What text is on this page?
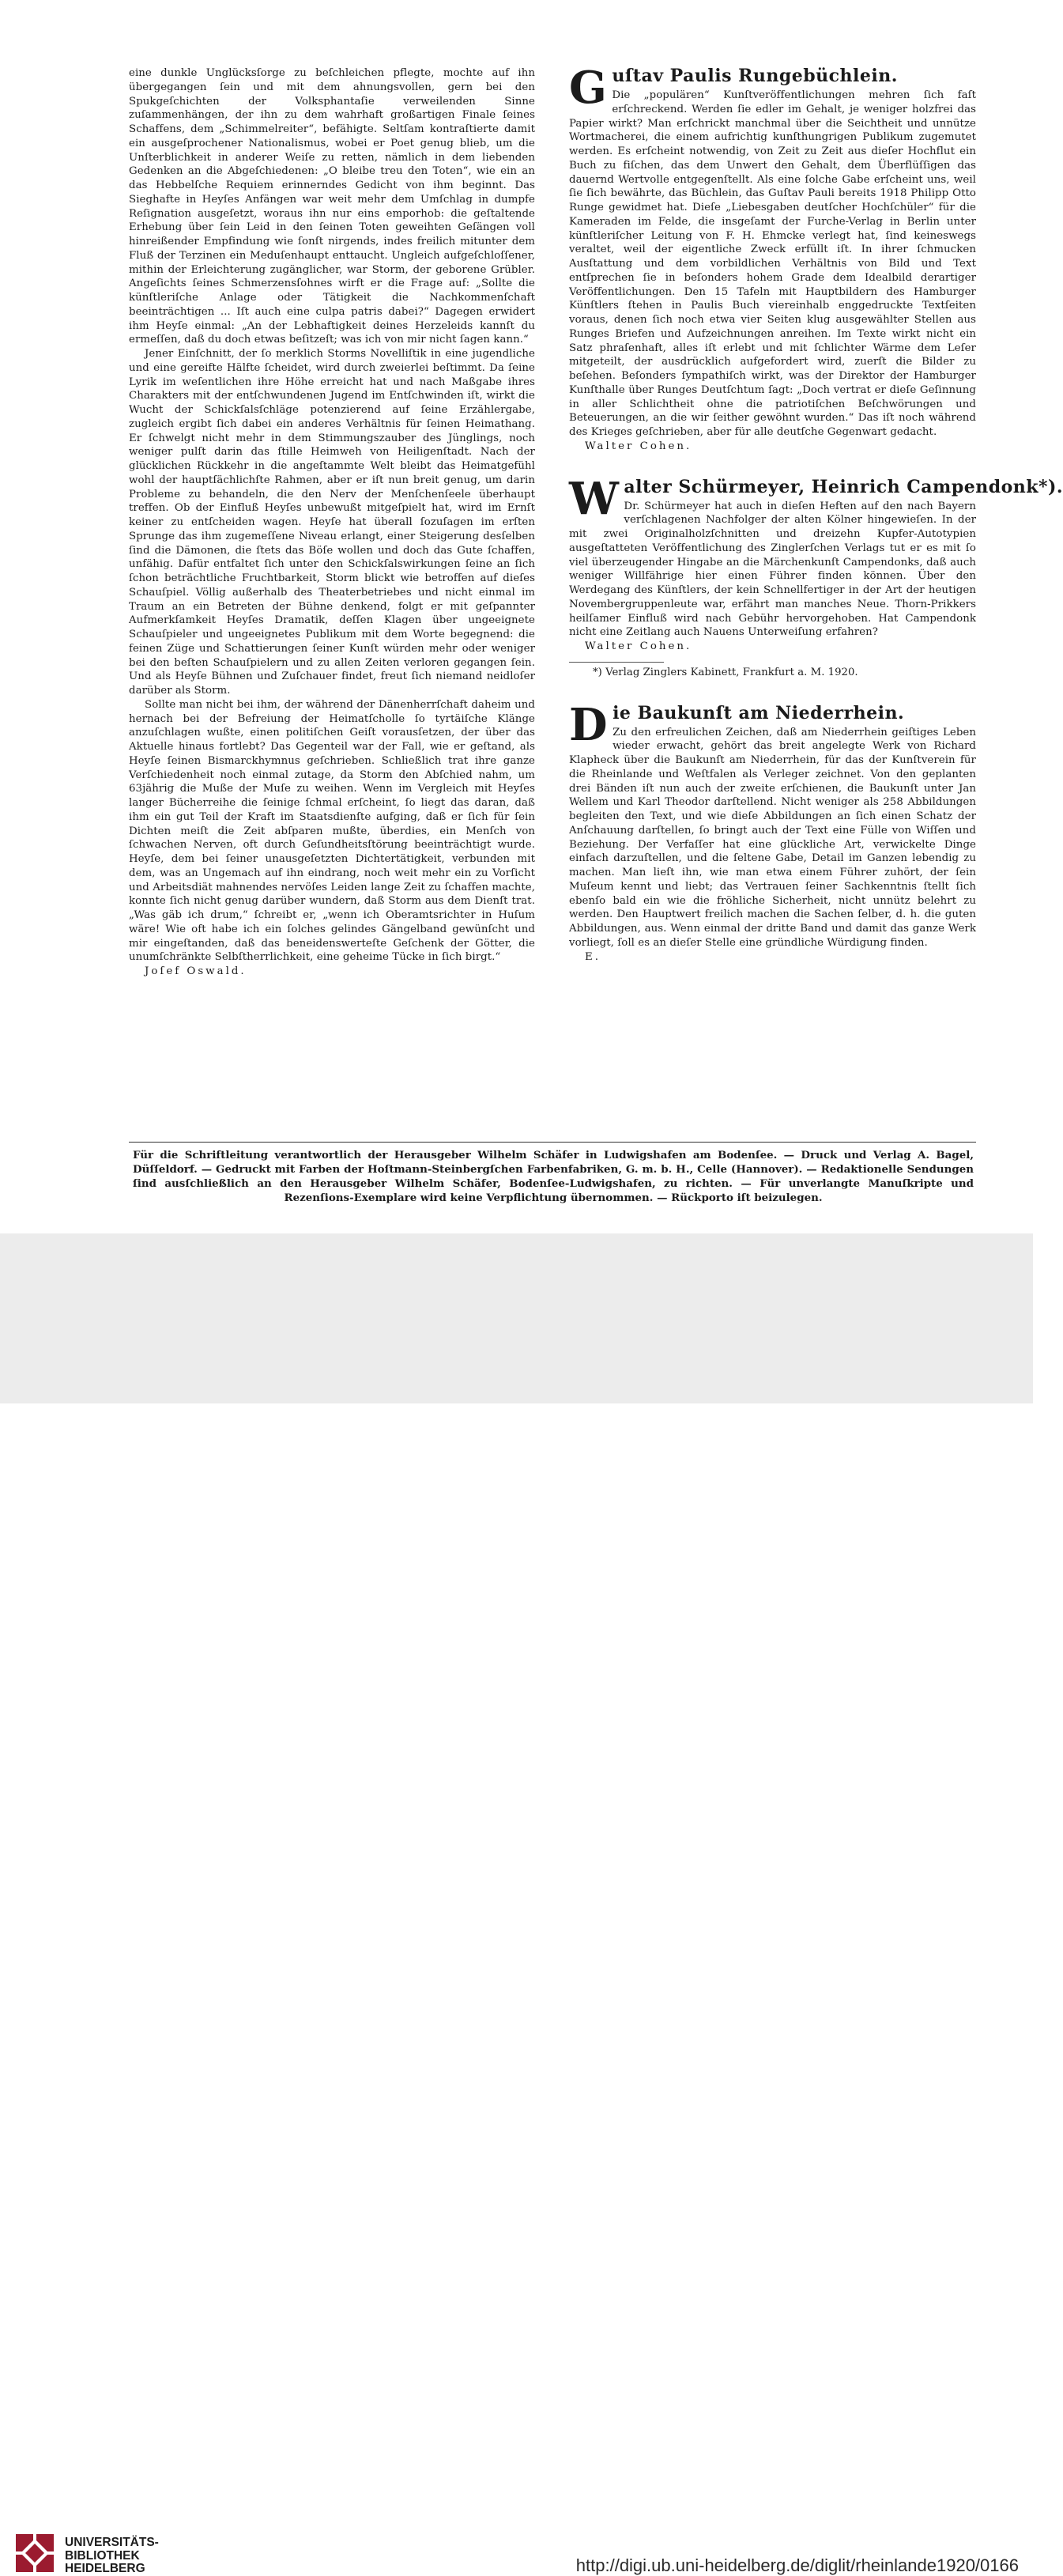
eine dunkle Unglücksſorge zu beſchleichen pflegte, mochte auf ihn übergegangen ſein und mit dem ahnungsvollen, gern bei den Spukgeſchichten der Volksphantaſie verweilenden Sinne zuſammenhängen, der ihn zu dem wahrhaft großartigen Finale ſeines Schaffens, dem „Schimmelreiter“, befähigte. Seltſam kontraſtierte damit ein ausgeſprochener Nationalismus, wobei er Poet genug blieb, um die Unſterblichkeit in anderer Weiſe zu retten, nämlich in dem liebenden Gedenken an die Abgeſchiedenen: „O bleibe treu den Toten“, wie ein an das Hebbelſche Requiem erinnerndes Gedicht von ihm beginnt. Das Sieghafte in Heyſes Anfängen war weit mehr dem Umſchlag in dumpfe Reſignation ausgeſetzt, woraus ihn nur eins emporhob: die geſtaltende Erhebung über ſein Leid in den ſeinen Toten geweihten Geſängen voll hinreißender Empfindung wie ſonſt nirgends, indes freilich mitunter dem Fluß der Terzinen ein Meduſenhaupt enttaucht. Ungleich aufgeſchloſſener, mithin der Erleichterung zugänglicher, war Storm, der geborene Grübler. Angeſichts ſeines Schmerzensſohnes wirft er die Frage auf: „Sollte die künſtleriſche Anlage oder Tätigkeit die Nachkommenſchaft beeinträchtigen ... Iſt auch eine culpa patris dabei?“ Dagegen erwidert ihm Heyſe einmal: „An der Lebhaftigkeit deines Herzeleids kannſt du ermeſſen, daß du doch etwas beſitzeſt; was ich von mir nicht ſagen kann.“

Jener Einſchnitt, der ſo merklich Storms Novelliſtik in eine jugendliche und eine gereifte Hälfte ſcheidet, wird durch zweierlei beſtimmt. Da ſeine Lyrik im weſentlichen ihre Höhe erreicht hat und nach Maßgabe ihres Charakters mit der entſchwundenen Jugend im Entſchwinden iſt, wirkt die Wucht der Schickſalsſchläge potenzierend auf ſeine Erzählergabe, zugleich ergibt ſich dabei ein anderes Verhältnis für ſeinen Heimathang. Er ſchwelgt nicht mehr in dem Stimmungszauber des Jünglings, noch weniger pulſt darin das ſtille Heimweh von Heiligenſtadt. Nach der glücklichen Rückkehr in die angeſtammte Welt bleibt das Heimatgefühl wohl der hauptſächlichſte Rahmen, aber er iſt nun breit genug, um darin Probleme zu behandeln, die den Nerv der Menſchenſeele überhaupt treffen. Ob der Einfluß Heyſes unbewußt mitgeſpielt hat, wird im Ernſt keiner zu entſcheiden wagen. Heyſe hat überall ſozuſagen im erſten Sprunge das ihm zugemeſſene Niveau erlangt, einer Steigerung desſelben ſind die Dämonen, die ſtets das Böſe wollen und doch das Gute ſchaffen, unfähig. Dafür entfaltet ſich unter den Schickſalswirkungen ſeine an ſich ſchon beträchtliche Fruchtbarkeit, Storm blickt wie betroffen auf dieſes Schauſpiel. Völlig außerhalb des Theaterbetriebes und nicht einmal im Traum an ein Betreten der Bühne denkend, folgt er mit geſpannter Aufmerkſamkeit Heyſes Dramatik, deſſen Klagen über ungeeignete Schauſpieler und ungeeignetes Publikum mit dem Worte begegnend: die feinen Züge und Schattierungen ſeiner Kunſt würden mehr oder weniger bei den beſten Schauſpielern und zu allen Zeiten verloren gegangen ſein. Und als Heyſe Bühnen und Zuſchauer findet, freut ſich niemand neidloſer darüber als Storm.

Sollte man nicht bei ihm, der während der Dänenherrſchaft daheim und hernach bei der Befreiung der Heimatſcholle ſo tyrtäiſche Klänge anzuſchlagen wußte, einen politiſchen Geiſt vorausſetzen, der über das Aktuelle hinaus fortlebt? Das Gegenteil war der Fall, wie er geſtand, als Heyſe ſeinen Bismarckhymnus geſchrieben. Schließlich trat ihre ganze Verſchiedenheit noch einmal zutage, da Storm den Abſchied nahm, um 63jährig die Muße der Muſe zu weihen. Wenn im Vergleich mit Heyſes langer Bücherreihe die ſeinige ſchmal erſcheint, ſo liegt das daran, daß ihm ein gut Teil der Kraft im Staatsdienſte aufging, daß er ſich für ſein Dichten meiſt die Zeit abſparen mußte, überdies, ein Menſch von ſchwachen Nerven, oft durch Geſundheitsſtörung beeinträchtigt wurde. Heyſe, dem bei ſeiner unausgeſetzten Dichtertätigkeit, verbunden mit dem, was an Ungemach auf ihn eindrang, noch weit mehr ein zu Vorſicht und Arbeitsdiät mahnendes nervöſes Leiden lange Zeit zu ſchaffen machte, konnte ſich nicht genug darüber wundern, daß Storm aus dem Dienſt trat. „Was gäb ich drum,“ ſchreibt er, „wenn ich Oberamtsrichter in Huſum wäre! Wie oft habe ich ein ſolches gelindes Gängelband gewünſcht und mir eingeſtanden, daß das beneidenswerteſte Geſchenk der Götter, die unumſchränkte Selbſtherrlichkeit, eine geheime Tücke in ſich birgt.“

Joſef Oswald.

G uſtav Paulis Rungebüchlein.

Die „populären“ Kunſtveröffentlichungen mehren ſich faſt erſchreckend. Werden ſie edler im Gehalt, je weniger holzfrei das Papier wirkt? Man erſchrickt manchmal über die Seichtheit und unnütze Wortmacherei, die einem aufrichtig kunſthungrigen Publikum zugemutet werden. Es erſcheint notwendig, von Zeit zu Zeit aus dieſer Hochflut ein Buch zu fiſchen, das dem Unwert den Gehalt, dem Überflüſſigen das dauernd Wertvolle entgegenſtellt. Als eine ſolche Gabe erſcheint uns, weil ſie ſich bewährte, das Büchlein, das Guſtav Pauli bereits 1918 Philipp Otto Runge gewidmet hat. Dieſe „Liebesgaben deutſcher Hochſchüler“ für die Kameraden im Felde, die insgeſamt der Furche-Verlag in Berlin unter künſtleriſcher Leitung von F. H. Ehmcke verlegt hat, ſind keineswegs veraltet, weil der eigentliche Zweck erfüllt iſt. In ihrer ſchmucken Ausſtattung und dem vorbildlichen Verhältnis von Bild und Text entſprechen ſie in beſonders hohem Grade dem Idealbild derartiger Veröffentlichungen. Den 15 Tafeln mit Hauptbildern des Hamburger Künſtlers ſtehen in Paulis Buch viereinhalb enggedruckte Textſeiten voraus, denen ſich noch etwa vier Seiten klug ausgewählter Stellen aus Runges Briefen und Aufzeichnungen anreihen. Im Texte wirkt nicht ein Satz phraſenhaft, alles iſt erlebt und mit ſchlichter Wärme dem Leſer mitgeteilt, der ausdrücklich aufgefordert wird, zuerſt die Bilder zu beſehen. Beſonders ſympathiſch wirkt, was der Direktor der Hamburger Kunſthalle über Runges Deutſchtum ſagt: „Doch vertrat er dieſe Geſinnung in aller Schlichtheit ohne die patriotiſchen Beſchwörungen und Beteuerungen, an die wir ſeither gewöhnt wurden.“ Das iſt noch während des Krieges geſchrieben, aber für alle deutſche Gegenwart gedacht.

Walter Cohen.

W alter Schürmeyer, Heinrich Campendonk*).

Dr. Schürmeyer hat auch in dieſen Heften auf den nach Bayern verſchlagenen Nachfolger der alten Kölner hingewieſen. In der mit zwei Originalholzſchnitten und dreizehn Kupfer-Autotypien ausgeſtatteten Veröffentlichung des Zinglerſchen Verlags tut er es mit ſo viel überzeugender Hingabe an die Märchenkunſt Campendonks, daß auch weniger Willfährige hier einen Führer finden können. Über den Werdegang des Künſtlers, der kein Schnellfertiger in der Art der heutigen Novembergruppenleute war, erfährt man manches Neue. Thorn-Prikkers heilſamer Einfluß wird nach Gebühr hervorgehoben. Hat Campendonk nicht eine Zeitlang auch Nauens Unterweiſung erfahren?

Walter Cohen.

*) Verlag Zinglers Kabinett, Frankfurt a. M. 1920.

D ie Baukunſt am Niederrhein.

Zu den erfreulichen Zeichen, daß am Niederrhein geiſtiges Leben wieder erwacht, gehört das breit angelegte Werk von Richard Klapheck über die Baukunſt am Niederrhein, für das der Kunſtverein für die Rheinlande und Weſtfalen als Verleger zeichnet. Von den geplanten drei Bänden iſt nun auch der zweite erſchienen, die Baukunſt unter Jan Wellem und Karl Theodor darſtellend. Nicht weniger als 258 Abbildungen begleiten den Text, und wie dieſe Abbildungen an ſich einen Schatz der Anſchauung darſtellen, ſo bringt auch der Text eine Fülle von Wiſſen und Beziehung. Der Verfaſſer hat eine glückliche Art, verwickelte Dinge einfach darzuſtellen, und die ſeltene Gabe, Detail im Ganzen lebendig zu machen. Man lieſt ihn, wie man etwa einem Führer zuhört, der ſein Muſeum kennt und liebt; das Vertrauen ſeiner Sachkenntnis ſtellt ſich ebenſo bald ein wie die fröhliche Sicherheit, nicht unnütz belehrt zu werden. Den Hauptwert freilich machen die Sachen ſelber, d. h. die guten Abbildungen, aus. Wenn einmal der dritte Band und damit das ganze Werk vorliegt, ſoll es an dieſer Stelle eine gründliche Würdigung finden.

E.

Für die Schriftleitung verantwortlich der Herausgeber Wilhelm Schäfer in Ludwigshafen am Bodenſee. — Druck und Verlag A. Bagel, Düſſeldorf. — Gedruckt mit Farben der Hoſtmann-Steinbergſchen Farbenfabriken, G. m. b. H., Celle (Hannover). — Redaktionelle Sendungen ſind ausſchließlich an den Herausgeber Wilhelm Schäfer, Bodenſee-Ludwigshafen, zu richten. — Für unverlangte Manuſkripte und Rezenſions-Exemplare wird keine Verpflichtung übernommen. — Rückporto iſt beizulegen.

UNIVERSITÄTS-
BIBLIOTHEK
HEIDELBERG	http://digi.ub.uni-heidelberg.de/diglit/rheinlande1920/0166
